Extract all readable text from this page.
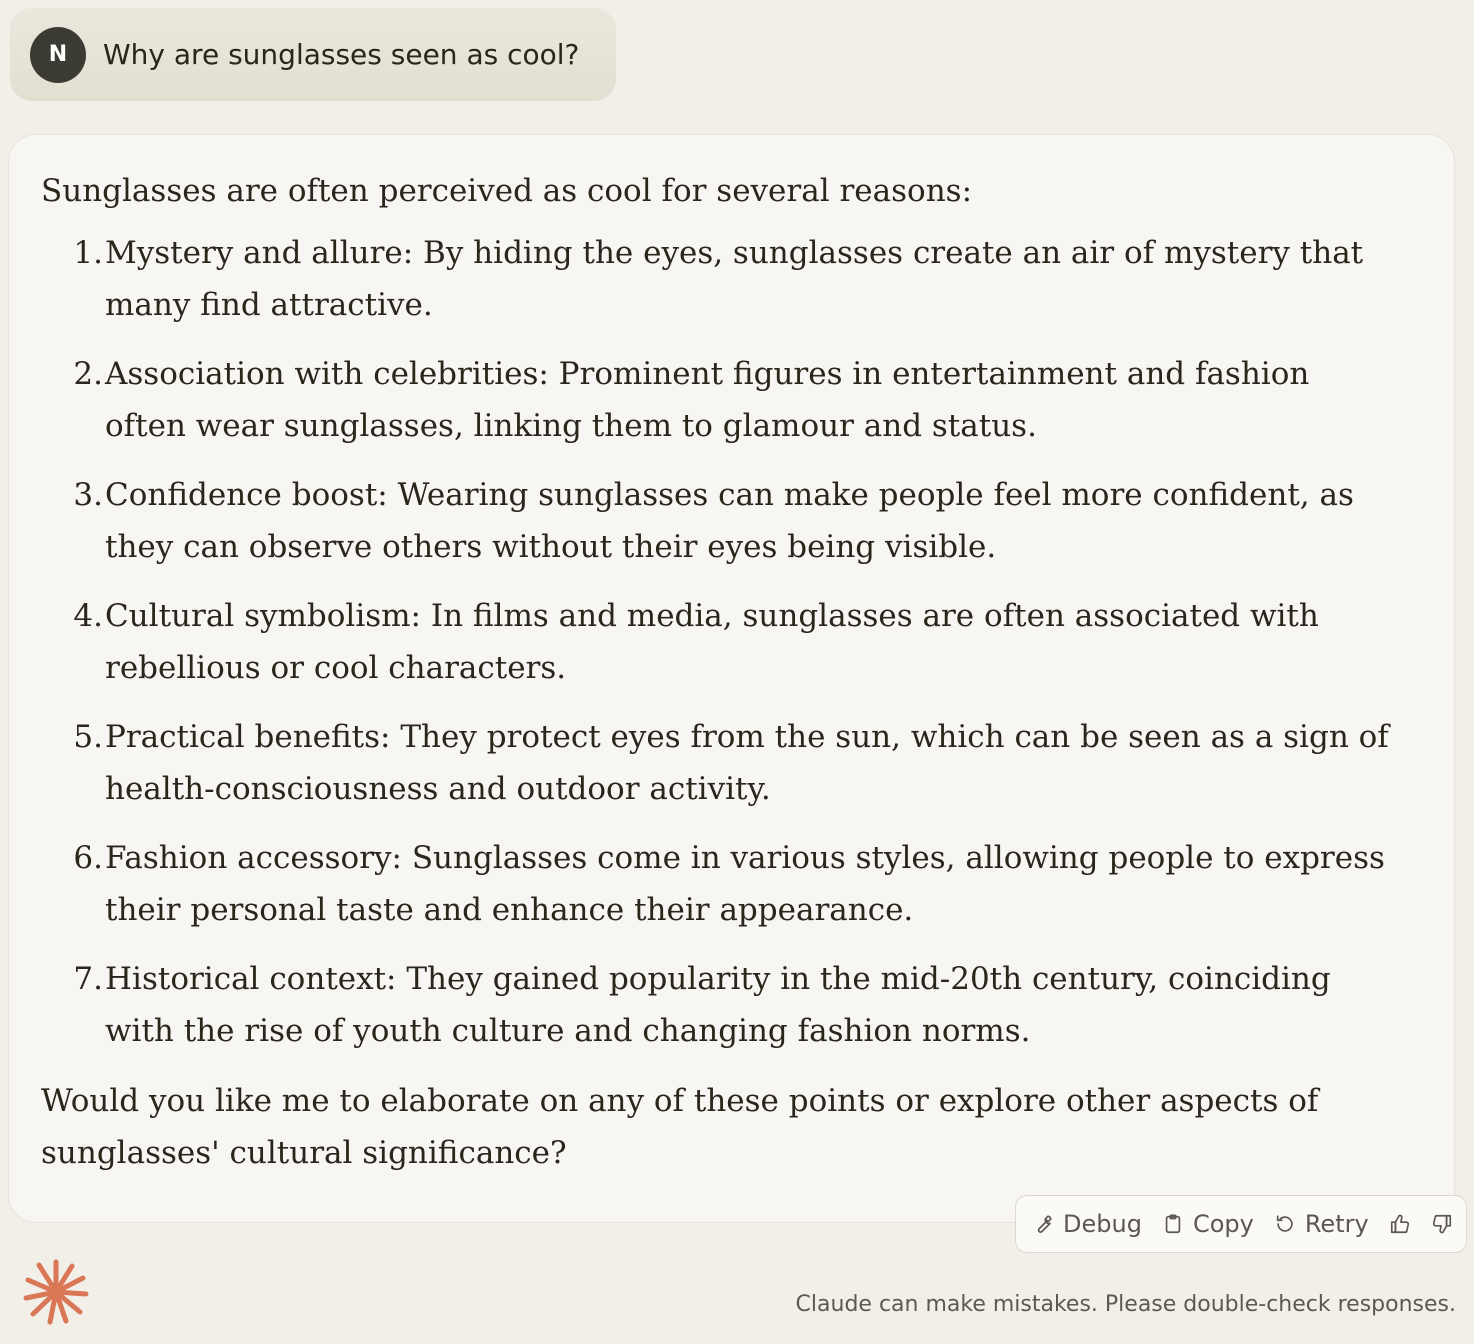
N	Why are sunglasses seen as cool?

Sunglasses are often perceived as cool for several reasons:

1 . Mystery and allure: By hiding the eyes, sunglasses create an air of mystery that many find attractive.
2 . Association with celebrities: Prominent figures in entertainment and fashion often wear sunglasses, linking them to glamour and status.
3 . Confidence boost: Wearing sunglasses can make people feel more confident, as they can observe others without their eyes being visible.
4 . Cultural symbolism: In films and media, sunglasses are often associated with rebellious or cool characters.
5 . Practical benefits: They protect eyes from the sun, which can be seen as a sign of health-consciousness and outdoor activity.
6 . Fashion accessory: Sunglasses come in various styles, allowing people to express their personal taste and enhance their appearance.
7 . Historical context: They gained popularity in the mid-20th century, coinciding with the rise of youth culture and changing fashion norms.

Would you like me to elaborate on any of these points or explore other aspects of sunglasses' cultural significance?

Debug Copy Retry
Claude can make mistakes. Please double-check responses.
